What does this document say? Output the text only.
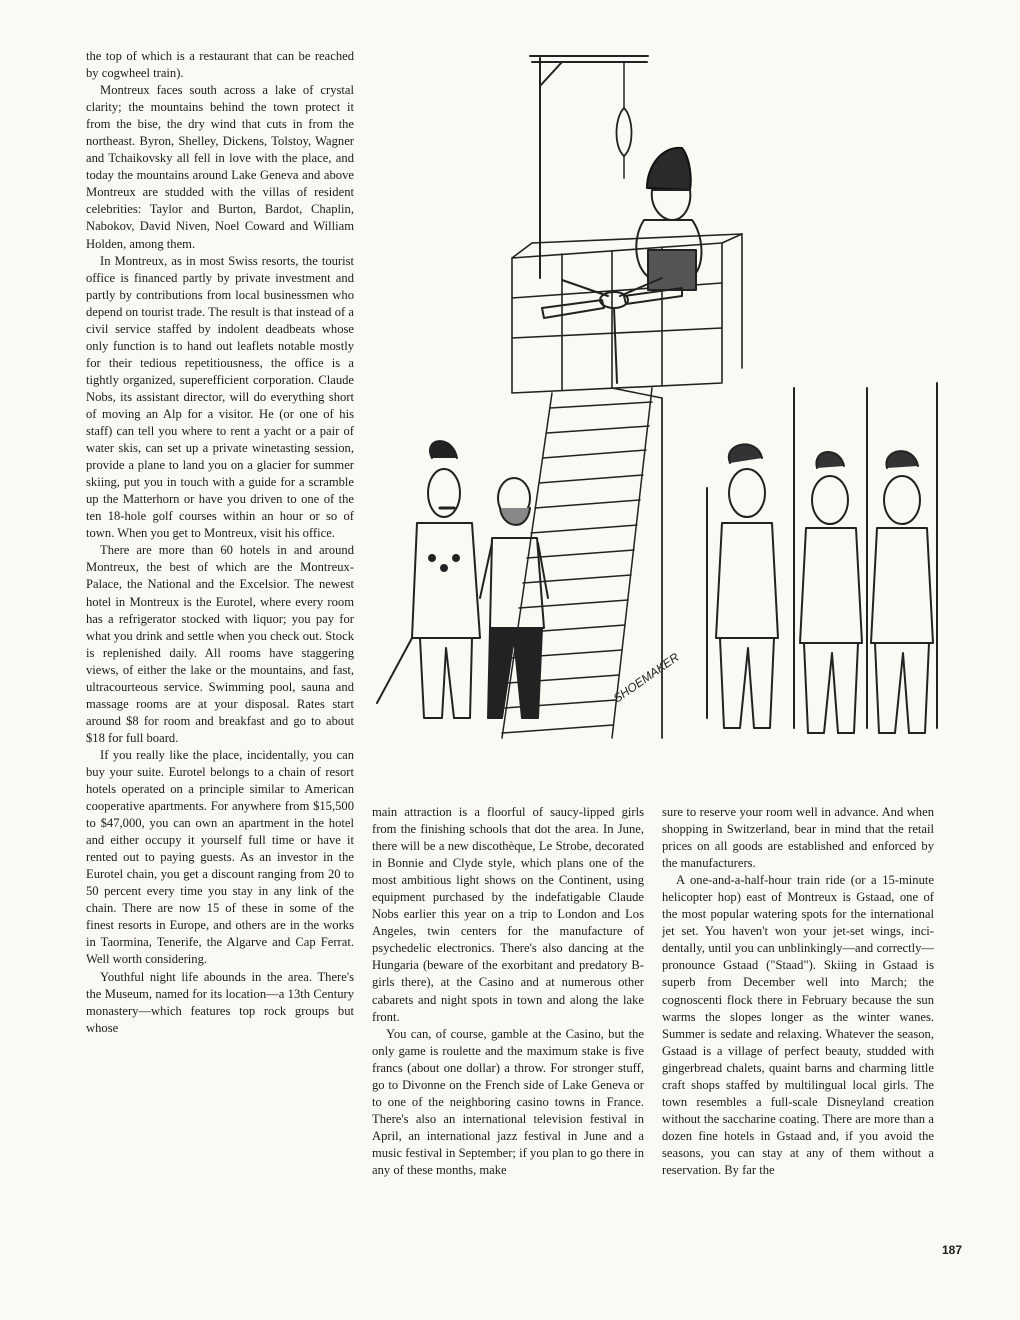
the top of which is a restaurant that can be reached by cogwheel train).

Montreux faces south across a lake of crystal clarity; the mountains behind the town protect it from the bise, the dry wind that cuts in from the northeast. Byron, Shelley, Dickens, Tolstoy, Wagner and Tchaikovsky all fell in love with the place, and today the mountains around Lake Geneva and above Montreux are studded with the villas of resident celebrities: Taylor and Burton, Bardot, Chaplin, Nabokov, David Niven, Noel Coward and William Holden, among them.

In Montreux, as in most Swiss resorts, the tourist office is financed partly by private investment and partly by contributions from local businessmen who depend on tourist trade. The result is that instead of a civil service staffed by indolent deadbeats whose only function is to hand out leaflets notable mostly for their tedious repetitiousness, the office is a tightly organized, superefficient corporation. Claude Nobs, its assistant director, will do everything short of moving an Alp for a visitor. He (or one of his staff) can tell you where to rent a yacht or a pair of water skis, can set up a private winetasting session, provide a plane to land you on a glacier for summer skiing, put you in touch with a guide for a scramble up the Matterhorn or have you driven to one of the ten 18-hole golf courses within an hour or so of town. When you get to Montreux, visit his office.

There are more than 60 hotels in and around Montreux, the best of which are the Montreux-Palace, the National and the Excelsior. The newest hotel in Montreux is the Eurotel, where every room has a refrigerator stocked with liquor; you pay for what you drink and settle when you check out. Stock is replenished daily. All rooms have staggering views, of either the lake or the mountains, and fast, ultracourteous service. Swimming pool, sauna and massage rooms are at your disposal. Rates start around $8 for room and breakfast and go to about $18 for full board.

If you really like the place, incidentally, you can buy your suite. Eurotel belongs to a chain of resort hotels operated on a principle similar to American cooperative apartments. For anywhere from $15,500 to $47,000, you can own an apartment in the hotel and either occupy it yourself full time or have it rented out to paying guests. As an investor in the Eurotel chain, you get a discount ranging from 20 to 50 percent every time you stay in any link of the chain. There are now 15 of these in some of the finest resorts in Europe, and others are in the works in Taormina, Tenerife, the Algarve and Cap Ferrat. Well worth considering.

Youthful night life abounds in the area. There's the Museum, named for its location—a 13th Century monastery—which features top rock groups but whose

SHOEMAKER

main attraction is a floorful of saucy-lipped girls from the finishing schools that dot the area. In June, there will be a new discothèque, Le Strobe, decorated in Bonnie and Clyde style, which plans one of the most ambitious light shows on the Continent, using equipment purchased by the indefatigable Claude Nobs earlier this year on a trip to London and Los Angeles, twin centers for the manufacture of psychedelic electronics. There's also dancing at the Hungaria (beware of the exorbitant and predatory B-girls there), at the Casino and at numerous other cabarets and night spots in town and along the lake front.

You can, of course, gamble at the Casino, but the only game is roulette and the maximum stake is five francs (about one dollar) a throw. For stronger stuff, go to Divonne on the French side of Lake Geneva or to one of the neighboring casino towns in France. There's also an international television festival in April, an international jazz festival in June and a music festival in September; if you plan to go there in any of these months, make

sure to reserve your room well in advance. And when shopping in Switzerland, bear in mind that the retail prices on all goods are established and enforced by the manufacturers.

A one-and-a-half-hour train ride (or a 15-minute helicopter hop) east of Montreux is Gstaad, one of the most popular watering spots for the international jet set. You haven't won your jet-set wings, incidentally, until you can unblinkingly—and correctly—pronounce Gstaad ("Staad"). Skiing in Gstaad is superb from December well into March; the cognoscenti flock there in February because the sun warms the slopes longer as the winter wanes. Summer is sedate and relaxing. Whatever the season, Gstaad is a village of perfect beauty, studded with gingerbread chalets, quaint barns and charming little craft shops staffed by multilingual local girls. The town resembles a full-scale Disneyland creation without the saccharine coating. There are more than a dozen fine hotels in Gstaad and, if you avoid the seasons, you can stay at any of them without a reservation. By far the

187
